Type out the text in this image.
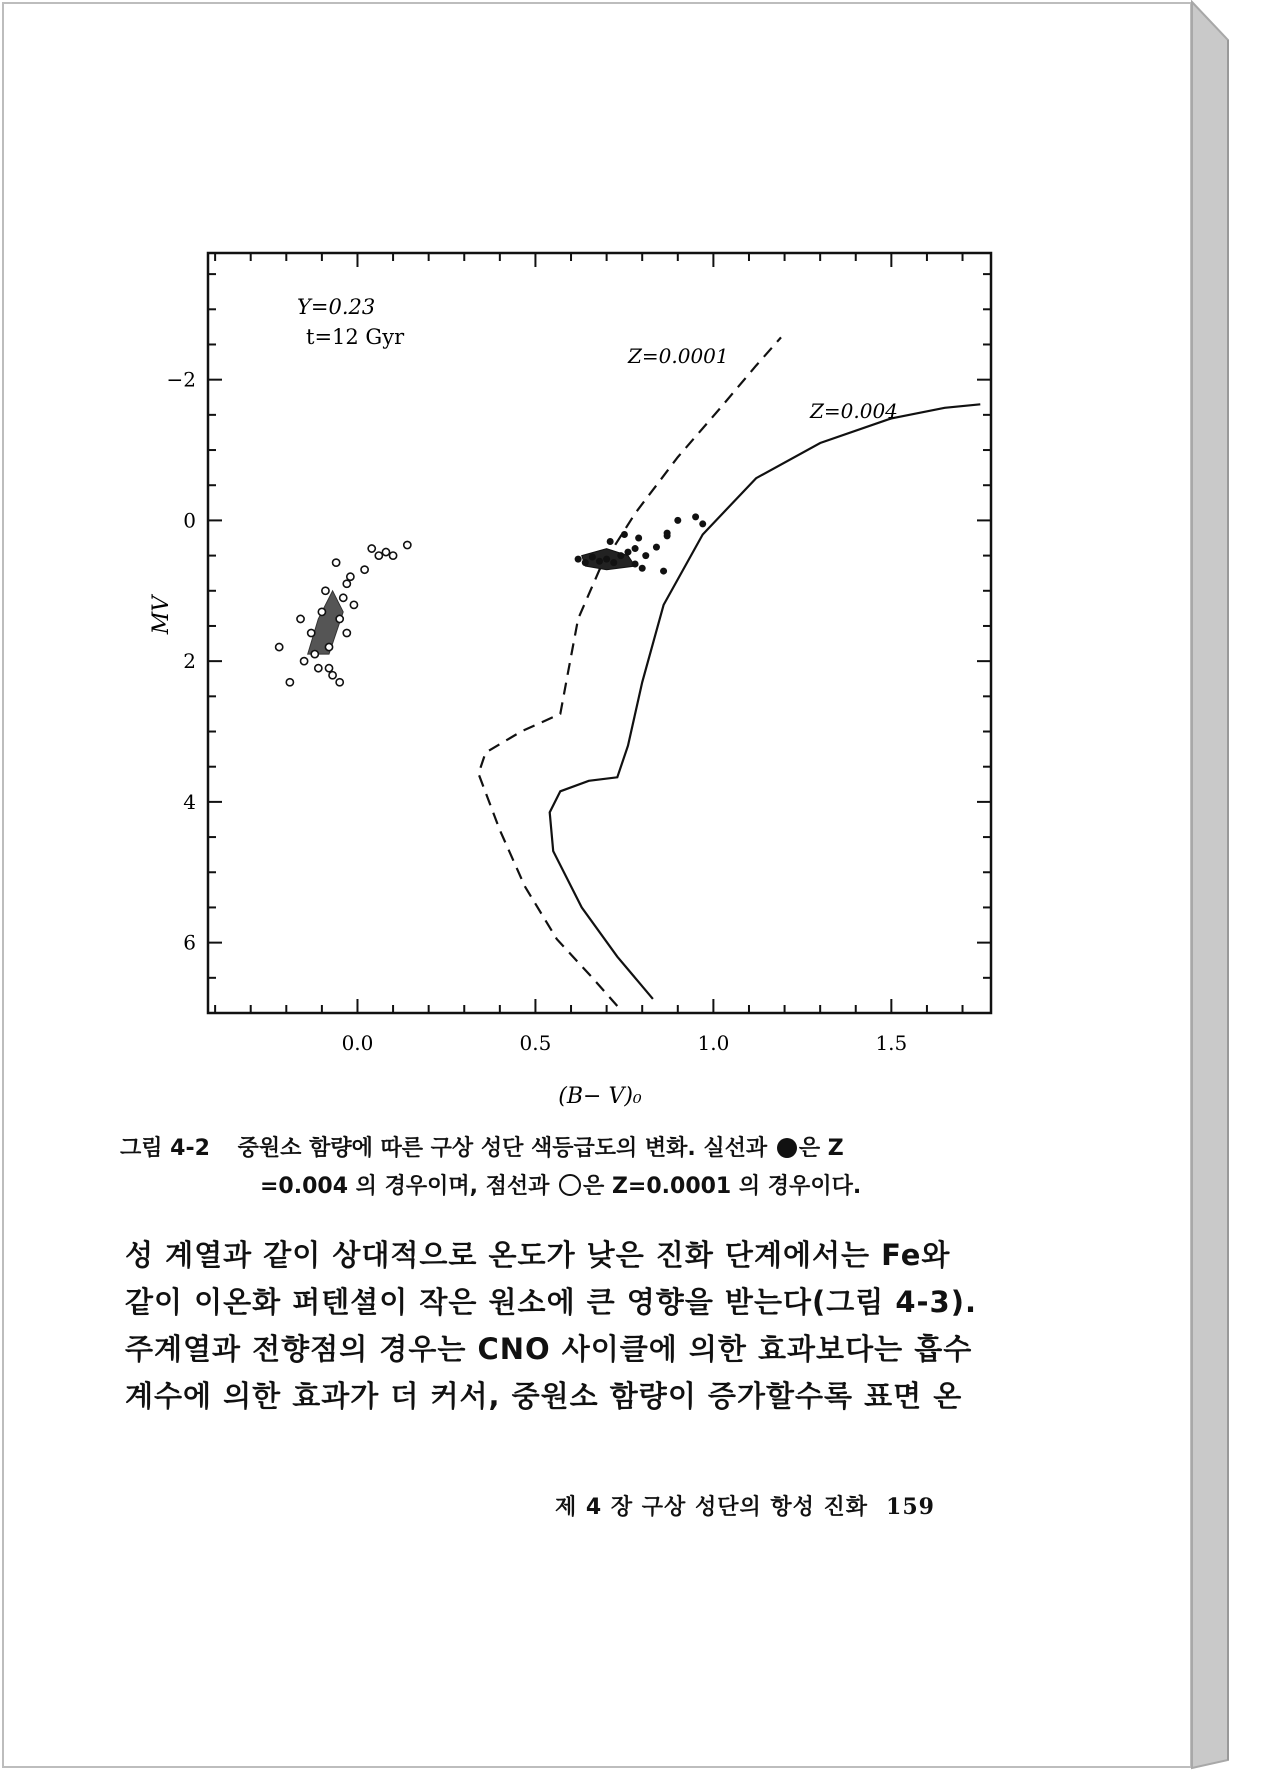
0.0	0.5	1.0	1.5
−2
0
2
4
6
(B− V)₀
MV
Y=0.23
t=12 Gyr
Z=0.0001
Z=0.004
그림 4-2 중원소 함량에 따른 구상 성단 색등급도의 변화. 실선과 은 Z
=0.004 의 경우이며, 점선과 은 Z=0.0001 의 경우이다.

성 계열과 같이 상대적으로 온도가 낮은 진화 단계에서는 Fe와

같이 이온화 퍼텐셜이 작은 원소에 큰 영향을 받는다(그림 4-3).

주계열과 전향점의 경우는 CNO 사이클에 의한 효과보다는 흡수

계수에 의한 효과가 더 커서, 중원소 함량이 증가할수록 표면 온

제 4 장 구상 성단의 항성 진화 159
